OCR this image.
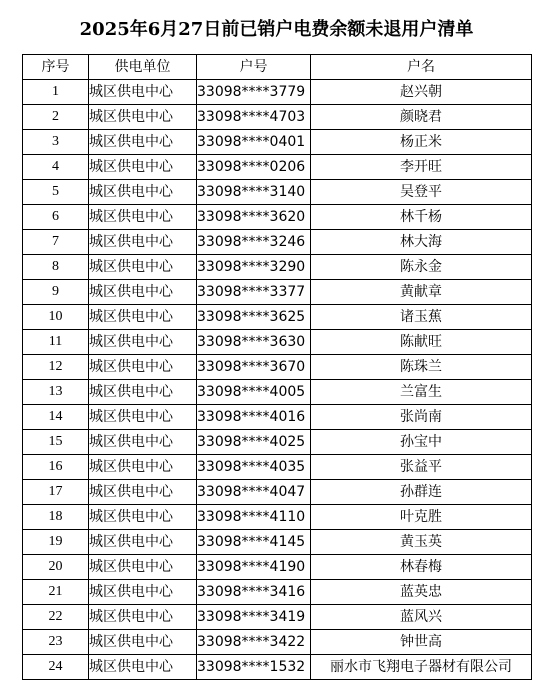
2025年6月27日前已销户电费余额未退用户清单
序号	供电单位	户号	户名
1	城区供电中心	33098****3779	赵兴朝
2	城区供电中心	33098****4703	颜晓君
3	城区供电中心	33098****0401	杨正米
4	城区供电中心	33098****0206	李开旺
5	城区供电中心	33098****3140	吴登平
6	城区供电中心	33098****3620	林千杨
7	城区供电中心	33098****3246	林大海
8	城区供电中心	33098****3290	陈永金
9	城区供电中心	33098****3377	黄献章
10	城区供电中心	33098****3625	诸玉蕉
11	城区供电中心	33098****3630	陈献旺
12	城区供电中心	33098****3670	陈珠兰
13	城区供电中心	33098****4005	兰富生
14	城区供电中心	33098****4016	张尚南
15	城区供电中心	33098****4025	孙宝中
16	城区供电中心	33098****4035	张益平
17	城区供电中心	33098****4047	孙群连
18	城区供电中心	33098****4110	叶克胜
19	城区供电中心	33098****4145	黄玉英
20	城区供电中心	33098****4190	林春梅
21	城区供电中心	33098****3416	蓝英忠
22	城区供电中心	33098****3419	蓝风兴
23	城区供电中心	33098****3422	钟世高
24	城区供电中心	33098****1532	丽水市飞翔电子器材有限公司
